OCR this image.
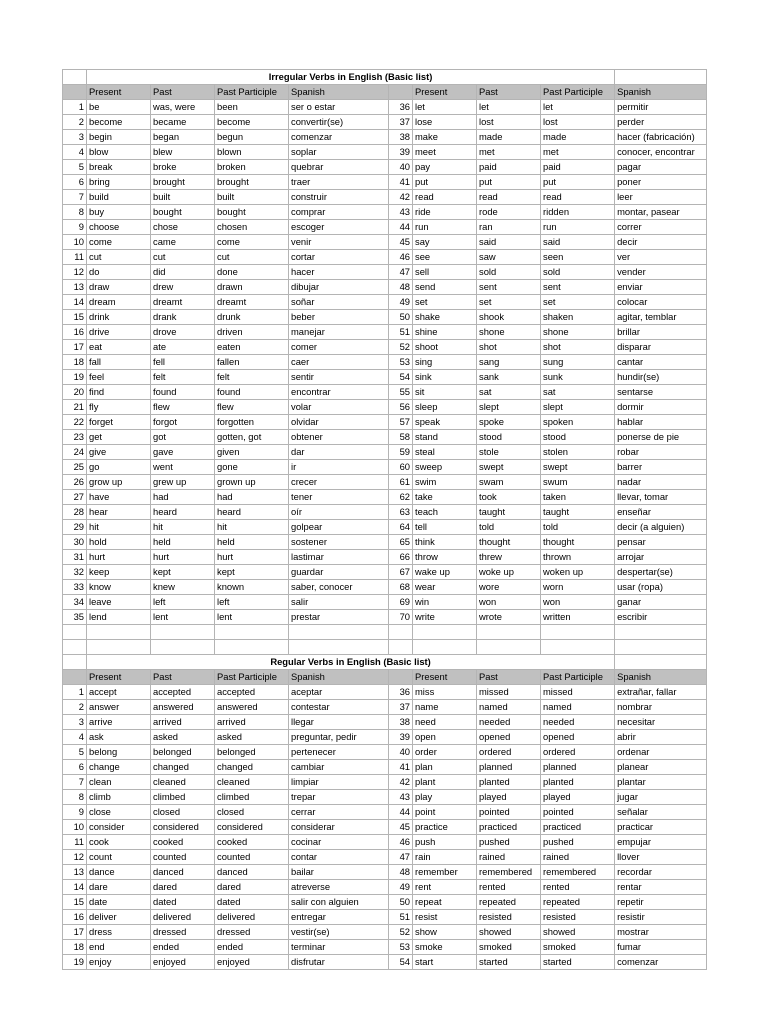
	Irregular Verbs in English (Basic list)								
	Present	Past	Past Participle	Spanish		Present	Past	Past Participle	Spanish
1	be	was, were	been	ser o estar	36	let	let	let	permitir
2	become	became	become	convertir(se)	37	lose	lost	lost	perder
3	begin	began	begun	comenzar	38	make	made	made	hacer (fabricación)
4	blow	blew	blown	soplar	39	meet	met	met	conocer, encontrar
5	break	broke	broken	quebrar	40	pay	paid	paid	pagar
6	bring	brought	brought	traer	41	put	put	put	poner
7	build	built	built	construir	42	read	read	read	leer
8	buy	bought	bought	comprar	43	ride	rode	ridden	montar, pasear
9	choose	chose	chosen	escoger	44	run	ran	run	correr
10	come	came	come	venir	45	say	said	said	decir
11	cut	cut	cut	cortar	46	see	saw	seen	ver
12	do	did	done	hacer	47	sell	sold	sold	vender
13	draw	drew	drawn	dibujar	48	send	sent	sent	enviar
14	dream	dreamt	dreamt	soñar	49	set	set	set	colocar
15	drink	drank	drunk	beber	50	shake	shook	shaken	agitar, temblar
16	drive	drove	driven	manejar	51	shine	shone	shone	brillar
17	eat	ate	eaten	comer	52	shoot	shot	shot	disparar
18	fall	fell	fallen	caer	53	sing	sang	sung	cantar
19	feel	felt	felt	sentir	54	sink	sank	sunk	hundir(se)
20	find	found	found	encontrar	55	sit	sat	sat	sentarse
21	fly	flew	flew	volar	56	sleep	slept	slept	dormir
22	forget	forgot	forgotten	olvidar	57	speak	spoke	spoken	hablar
23	get	got	gotten, got	obtener	58	stand	stood	stood	ponerse de pie
24	give	gave	given	dar	59	steal	stole	stolen	robar
25	go	went	gone	ir	60	sweep	swept	swept	barrer
26	grow up	grew up	grown up	crecer	61	swim	swam	swum	nadar
27	have	had	had	tener	62	take	took	taken	llevar, tomar
28	hear	heard	heard	oír	63	teach	taught	taught	enseñar
29	hit	hit	hit	golpear	64	tell	told	told	decir (a alguien)
30	hold	held	held	sostener	65	think	thought	thought	pensar
31	hurt	hurt	hurt	lastimar	66	throw	threw	thrown	arrojar
32	keep	kept	kept	guardar	67	wake up	woke up	woken up	despertar(se)
33	know	knew	known	saber, conocer	68	wear	wore	worn	usar (ropa)
34	leave	left	left	salir	69	win	won	won	ganar
35	lend	lent	lent	prestar	70	write	wrote	written	escribir

	Regular Verbs in English (Basic list)								
	Present	Past	Past Participle	Spanish		Present	Past	Past Participle	Spanish
1	accept	accepted	accepted	aceptar	36	miss	missed	missed	extrañar, fallar
2	answer	answered	answered	contestar	37	name	named	named	nombrar
3	arrive	arrived	arrived	llegar	38	need	needed	needed	necesitar
4	ask	asked	asked	preguntar, pedir	39	open	opened	opened	abrir
5	belong	belonged	belonged	pertenecer	40	order	ordered	ordered	ordenar
6	change	changed	changed	cambiar	41	plan	planned	planned	planear
7	clean	cleaned	cleaned	limpiar	42	plant	planted	planted	plantar
8	climb	climbed	climbed	trepar	43	play	played	played	jugar
9	close	closed	closed	cerrar	44	point	pointed	pointed	señalar
10	consider	considered	considered	considerar	45	practice	practiced	practiced	practicar
11	cook	cooked	cooked	cocinar	46	push	pushed	pushed	empujar
12	count	counted	counted	contar	47	rain	rained	rained	llover
13	dance	danced	danced	bailar	48	remember	remembered	remembered	recordar
14	dare	dared	dared	atreverse	49	rent	rented	rented	rentar
15	date	dated	dated	salir con alguien	50	repeat	repeated	repeated	repetir
16	deliver	delivered	delivered	entregar	51	resist	resisted	resisted	resistir
17	dress	dressed	dressed	vestir(se)	52	show	showed	showed	mostrar
18	end	ended	ended	terminar	53	smoke	smoked	smoked	fumar
19	enjoy	enjoyed	enjoyed	disfrutar	54	start	started	started	comenzar
